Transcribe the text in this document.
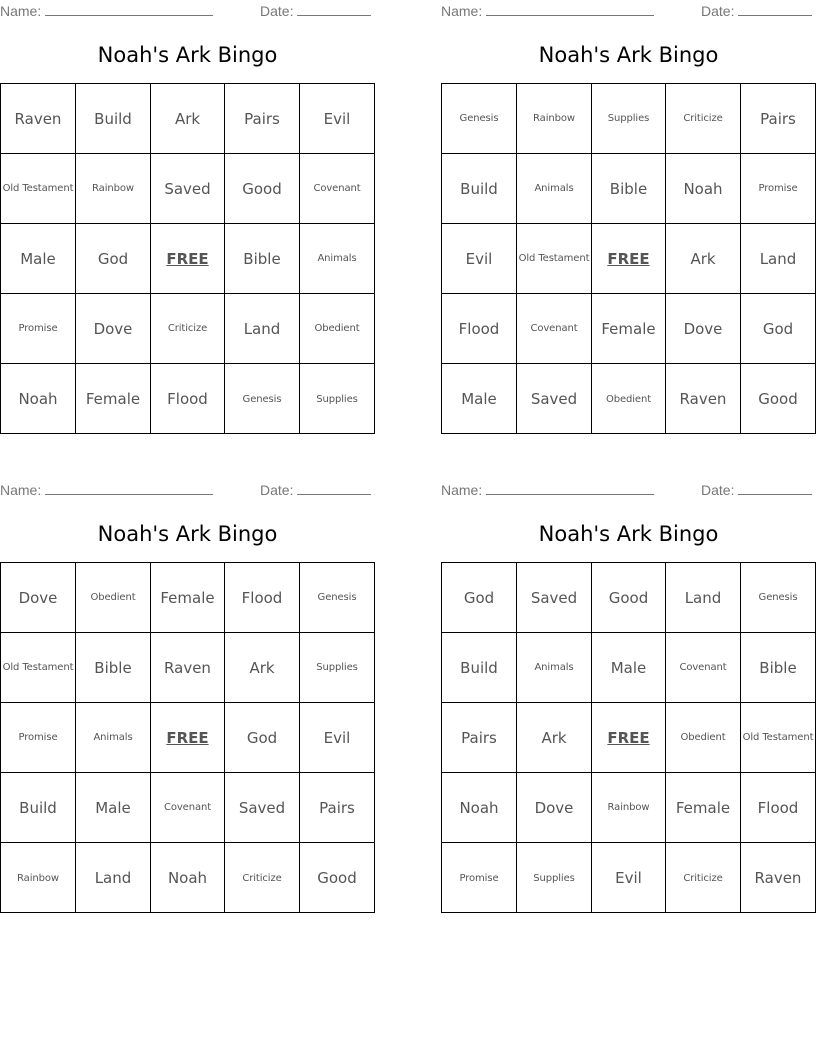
Name:	Date:
Noah's Ark Bingo
Raven	Build	Ark	Pairs	Evil
Old Testament	Rainbow	Saved	Good	Covenant
Male	God	FREE	Bible	Animals
Promise	Dove	Criticize	Land	Obedient
Noah	Female	Flood	Genesis	Supplies
Name:	Date:
Noah's Ark Bingo
Genesis	Rainbow	Supplies	Criticize	Pairs
Build	Animals	Bible	Noah	Promise
Evil	Old Testament	FREE	Ark	Land
Flood	Covenant	Female	Dove	God
Male	Saved	Obedient	Raven	Good
Name:	Date:
Noah's Ark Bingo
Dove	Obedient	Female	Flood	Genesis
Old Testament	Bible	Raven	Ark	Supplies
Promise	Animals	FREE	God	Evil
Build	Male	Covenant	Saved	Pairs
Rainbow	Land	Noah	Criticize	Good
Name:	Date:
Noah's Ark Bingo
God	Saved	Good	Land	Genesis
Build	Animals	Male	Covenant	Bible
Pairs	Ark	FREE	Obedient	Old Testament
Noah	Dove	Rainbow	Female	Flood
Promise	Supplies	Evil	Criticize	Raven
